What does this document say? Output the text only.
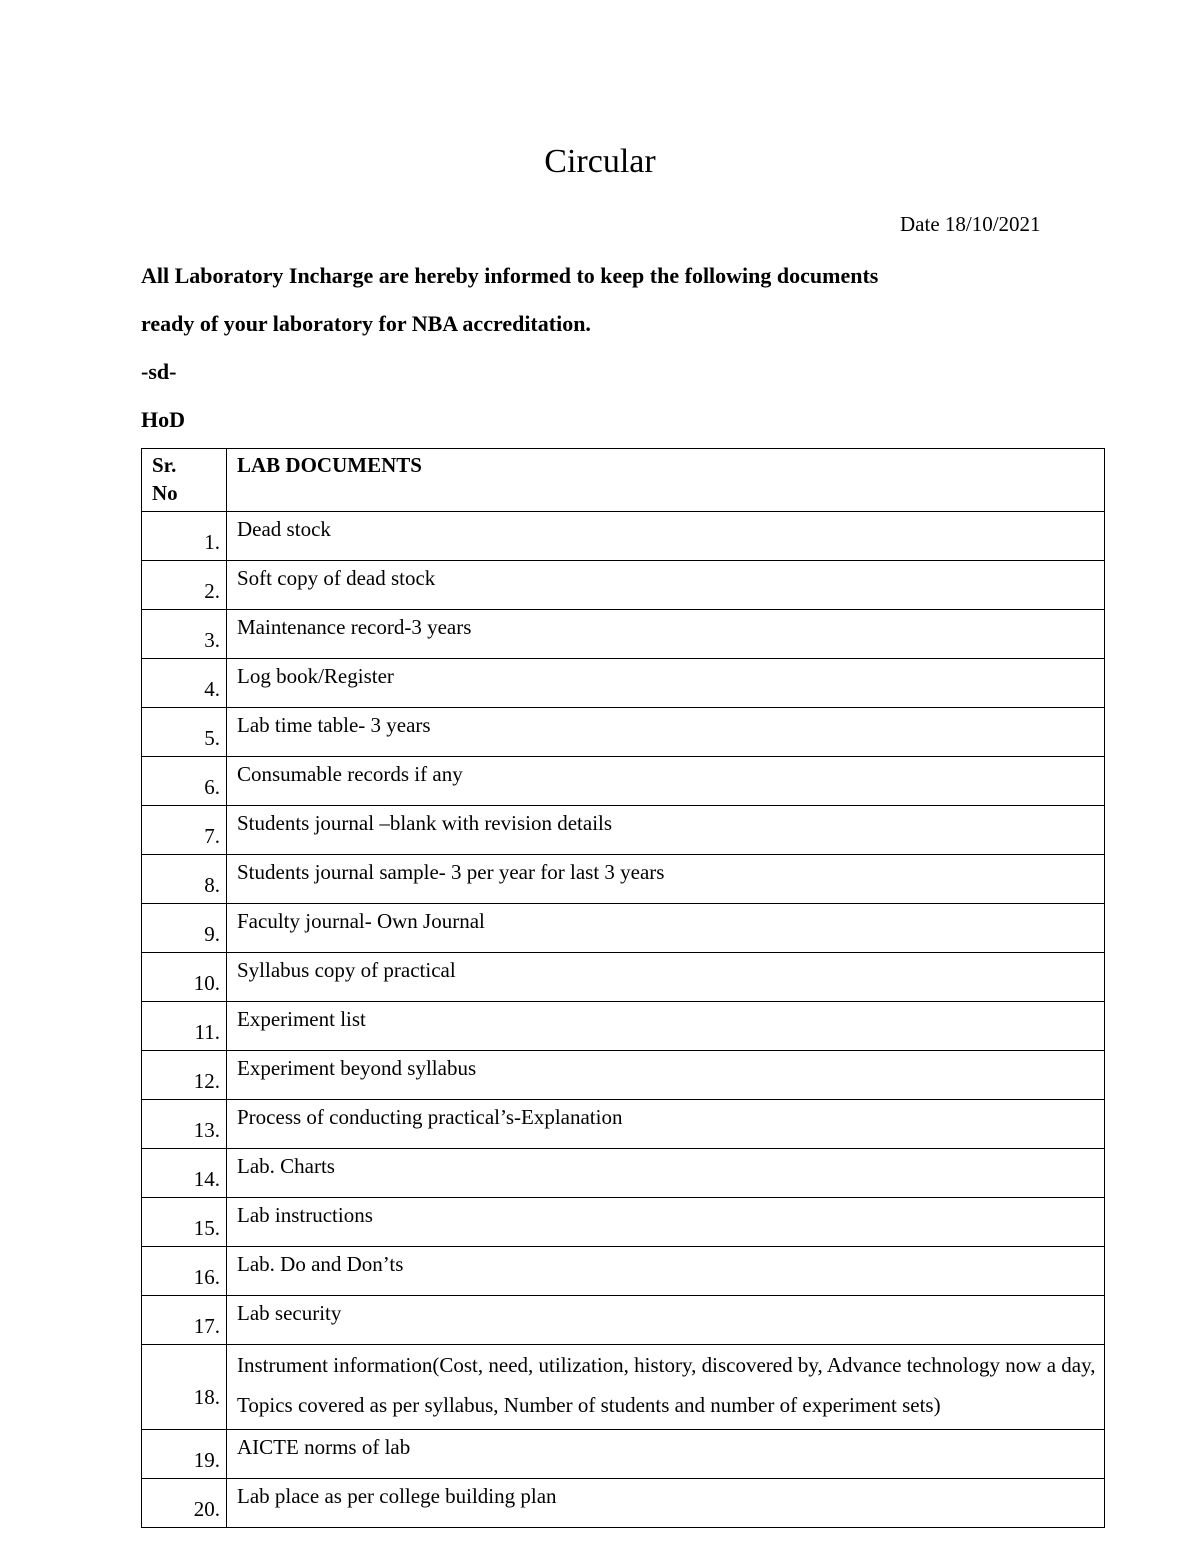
Circular
Date 18/10/2021
All Laboratory Incharge are hereby informed to keep the following documents
ready of your laboratory for NBA accreditation.
-sd-
HoD
Sr.
No	LAB DOCUMENTS
1.	Dead stock
2.	Soft copy of dead stock
3.	Maintenance record-3 years
4.	Log book/Register
5.	Lab time table- 3 years
6.	Consumable records if any
7.	Students journal –blank with revision details
8.	Students journal sample- 3 per year for last 3 years
9.	Faculty journal- Own Journal
10.	Syllabus copy of practical
11.	Experiment list
12.	Experiment beyond syllabus
13.	Process of conducting practical’s-Explanation
14.	Lab. Charts
15.	Lab instructions
16.	Lab. Do and Don’ts
17.	Lab security
18.	Instrument information(Cost, need, utilization, history, discovered by, Advance technology now a day, Topics covered as per syllabus, Number of students and number of experiment sets)
19.	AICTE norms of lab
20.	Lab place as per college building plan
